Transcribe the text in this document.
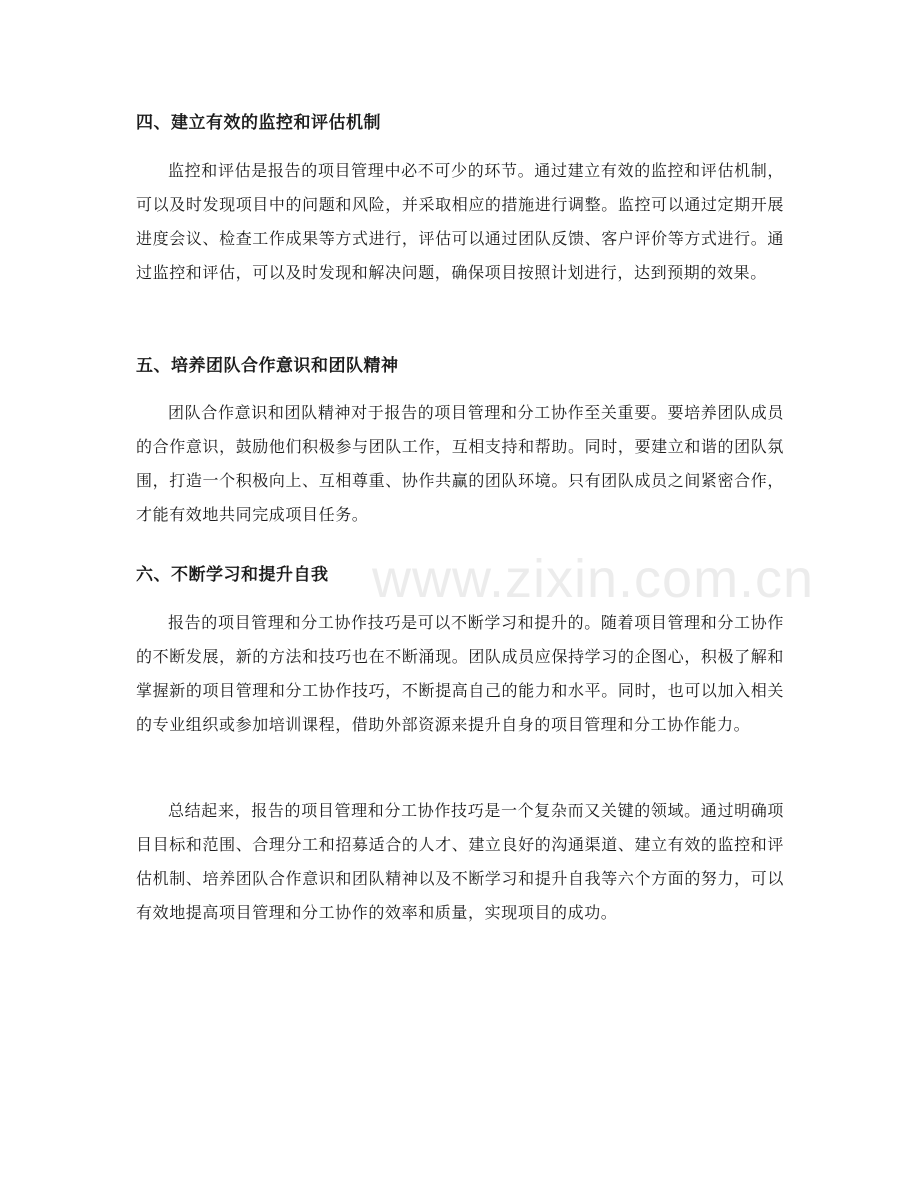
四、建立有效的监控和评估机制

监控和评估是报告的项目管理中必不可少的环节。通过建立有效的监控和评估机制，可以及时发现项目中的问题和风险，并采取相应的措施进行调整。监控可以通过定期开展进度会议、检查工作成果等方式进行，评估可以通过团队反馈、客户评价等方式进行。通过监控和评估，可以及时发现和解决问题，确保项目按照计划进行，达到预期的效果。

五、培养团队合作意识和团队精神

团队合作意识和团队精神对于报告的项目管理和分工协作至关重要。要培养团队成员的合作意识，鼓励他们积极参与团队工作，互相支持和帮助。同时，要建立和谐的团队氛围，打造一个积极向上、互相尊重、协作共赢的团队环境。只有团队成员之间紧密合作，才能有效地共同完成项目任务。

六、不断学习和提升自我

报告的项目管理和分工协作技巧是可以不断学习和提升的。随着项目管理和分工协作的不断发展，新的方法和技巧也在不断涌现。团队成员应保持学习的企图心，积极了解和掌握新的项目管理和分工协作技巧，不断提高自己的能力和水平。同时，也可以加入相关的专业组织或参加培训课程，借助外部资源来提升自身的项目管理和分工协作能力。

总结起来，报告的项目管理和分工协作技巧是一个复杂而又关键的领域。通过明确项目目标和范围、合理分工和招募适合的人才、建立良好的沟通渠道、建立有效的监控和评估机制、培养团队合作意识和团队精神以及不断学习和提升自我等六个方面的努力，可以有效地提高项目管理和分工协作的效率和质量，实现项目的成功。

www.zixin.com.cn
